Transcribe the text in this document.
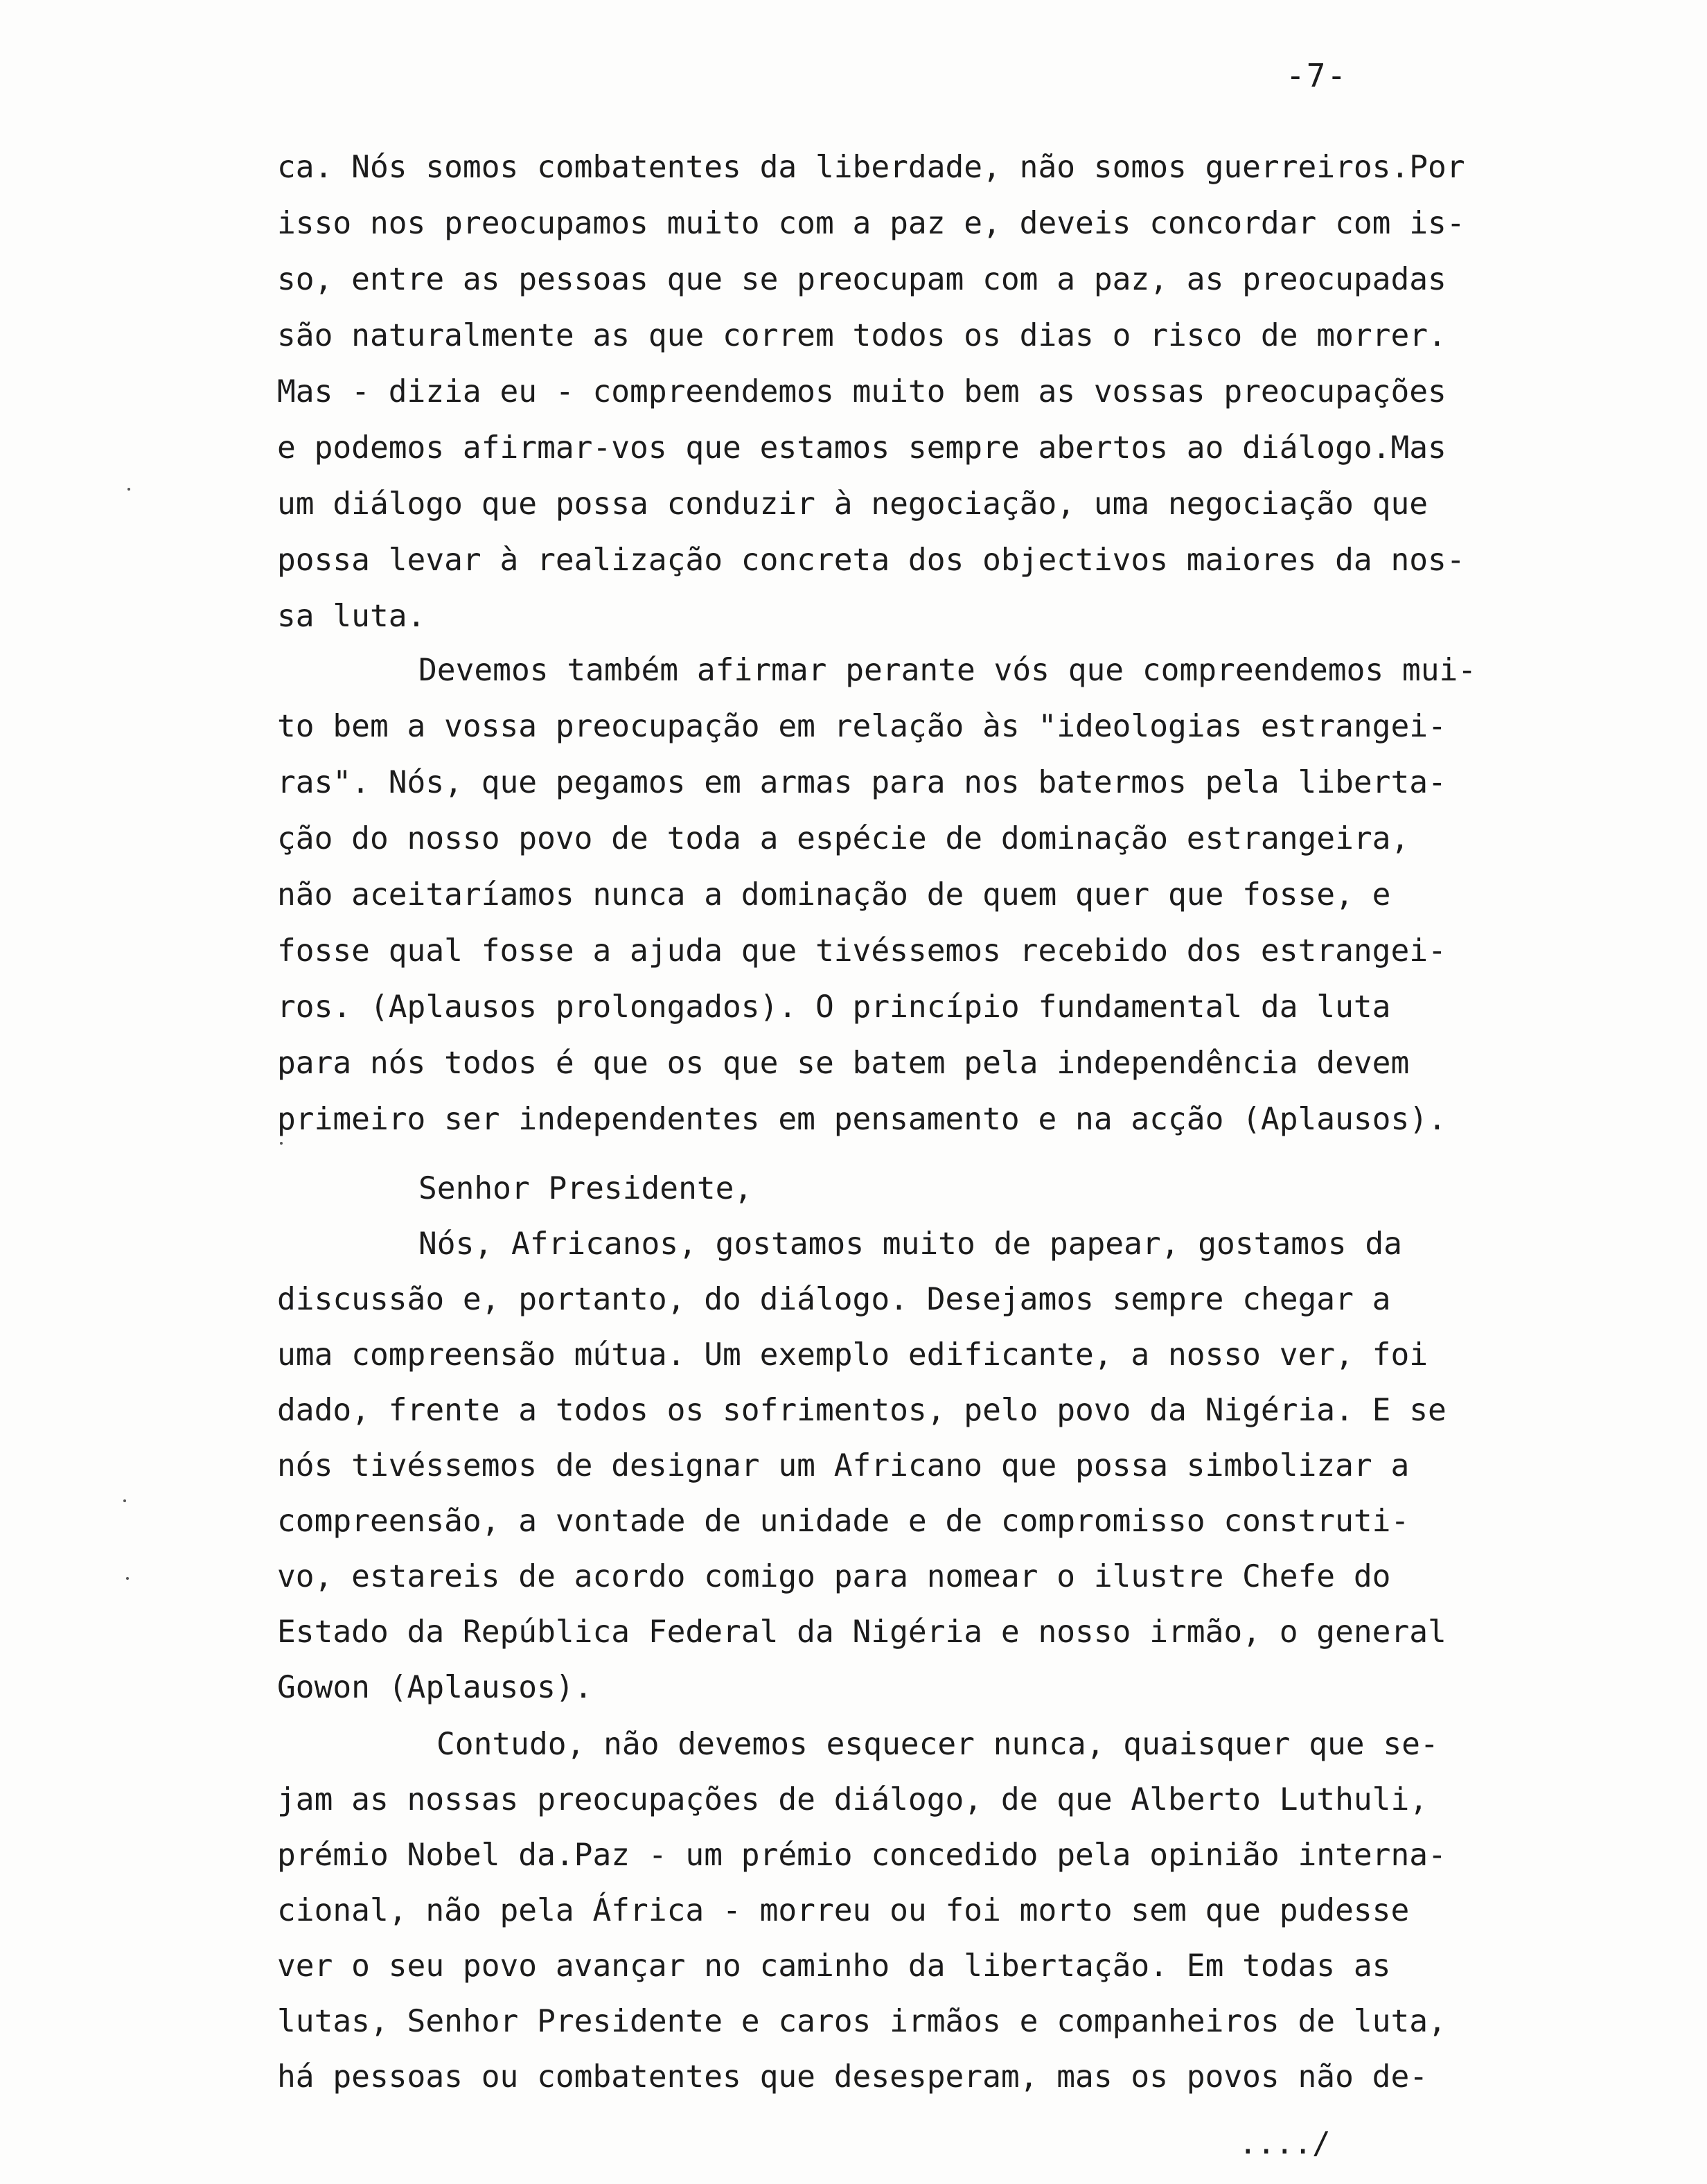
-7-
ca. Nós somos combatentes da liberdade, não somos guerreiros.Por
isso nos preocupamos muito com a paz e, deveis concordar com is-
so, entre as pessoas que se preocupam com a paz, as preocupadas
são naturalmente as que correm todos os dias o risco de morrer.
Mas - dizia eu - compreendemos muito bem as vossas preocupações
e podemos afirmar-vos que estamos sempre abertos ao diálogo.Mas
um diálogo que possa conduzir à negociação, uma negociação que
possa levar à realização concreta dos objectivos maiores da nos-
sa luta.
Devemos também afirmar perante vós que compreendemos mui-
to bem a vossa preocupação em relação às "ideologias estrangei-
ras". Nós, que pegamos em armas para nos batermos pela liberta-
ção do nosso povo de toda a espécie de dominação estrangeira,
não aceitaríamos nunca a dominação de quem quer que fosse, e
fosse qual fosse a ajuda que tivéssemos recebido dos estrangei-
ros. (Aplausos prolongados). O princípio fundamental da luta
para nós todos é que os que se batem pela independência devem
primeiro ser independentes em pensamento e na acção (Aplausos).
Senhor Presidente,
Nós, Africanos, gostamos muito de papear, gostamos da
discussão e, portanto, do diálogo. Desejamos sempre chegar a
uma compreensão mútua. Um exemplo edificante, a nosso ver, foi
dado, frente a todos os sofrimentos, pelo povo da Nigéria. E se
nós tivéssemos de designar um Africano que possa simbolizar a
compreensão, a vontade de unidade e de compromisso construti-
vo, estareis de acordo comigo para nomear o ilustre Chefe do
Estado da República Federal da Nigéria e nosso irmão, o general
Gowon (Aplausos).
Contudo, não devemos esquecer nunca, quaisquer que se-
jam as nossas preocupações de diálogo, de que Alberto Luthuli,
prémio Nobel da.Paz - um prémio concedido pela opinião interna-
cional, não pela África - morreu ou foi morto sem que pudesse
ver o seu povo avançar no caminho da libertação. Em todas as
lutas, Senhor Presidente e caros irmãos e companheiros de luta,
há pessoas ou combatentes que desesperam, mas os povos não de-
..../
